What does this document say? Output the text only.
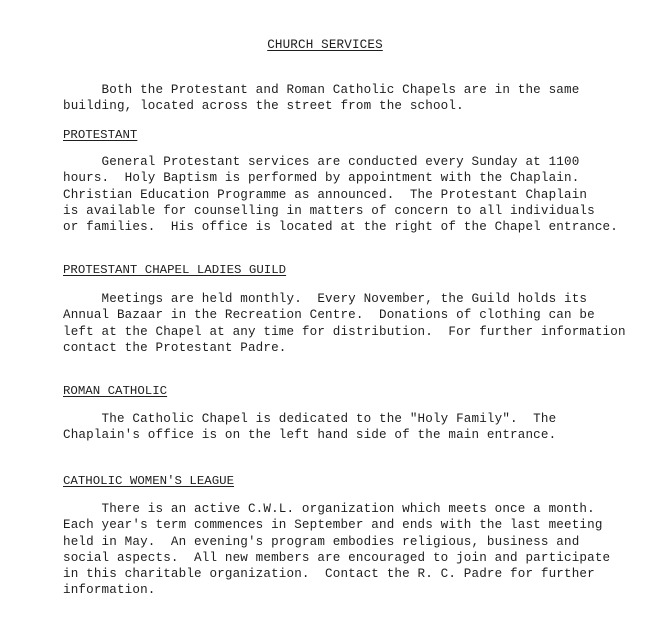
CHURCH SERVICES
Both the Protestant and Roman Catholic Chapels are in the same
building, located across the street from the school.
PROTESTANT
General Protestant services are conducted every Sunday at 1100
hours.  Holy Baptism is performed by appointment with the Chaplain.
Christian Education Programme as announced.  The Protestant Chaplain
is available for counselling in matters of concern to all individuals
or families.  His office is located at the right of the Chapel entrance.
PROTESTANT CHAPEL LADIES GUILD
Meetings are held monthly.  Every November, the Guild holds its
Annual Bazaar in the Recreation Centre.  Donations of clothing can be
left at the Chapel at any time for distribution.  For further information
contact the Protestant Padre.
ROMAN CATHOLIC
The Catholic Chapel is dedicated to the "Holy Family".  The
Chaplain's office is on the left hand side of the main entrance.
CATHOLIC WOMEN'S LEAGUE
There is an active C.W.L. organization which meets once a month.
Each year's term commences in September and ends with the last meeting
held in May.  An evening's program embodies religious, business and
social aspects.  All new members are encouraged to join and participate
in this charitable organization.  Contact the R. C. Padre for further
information.
